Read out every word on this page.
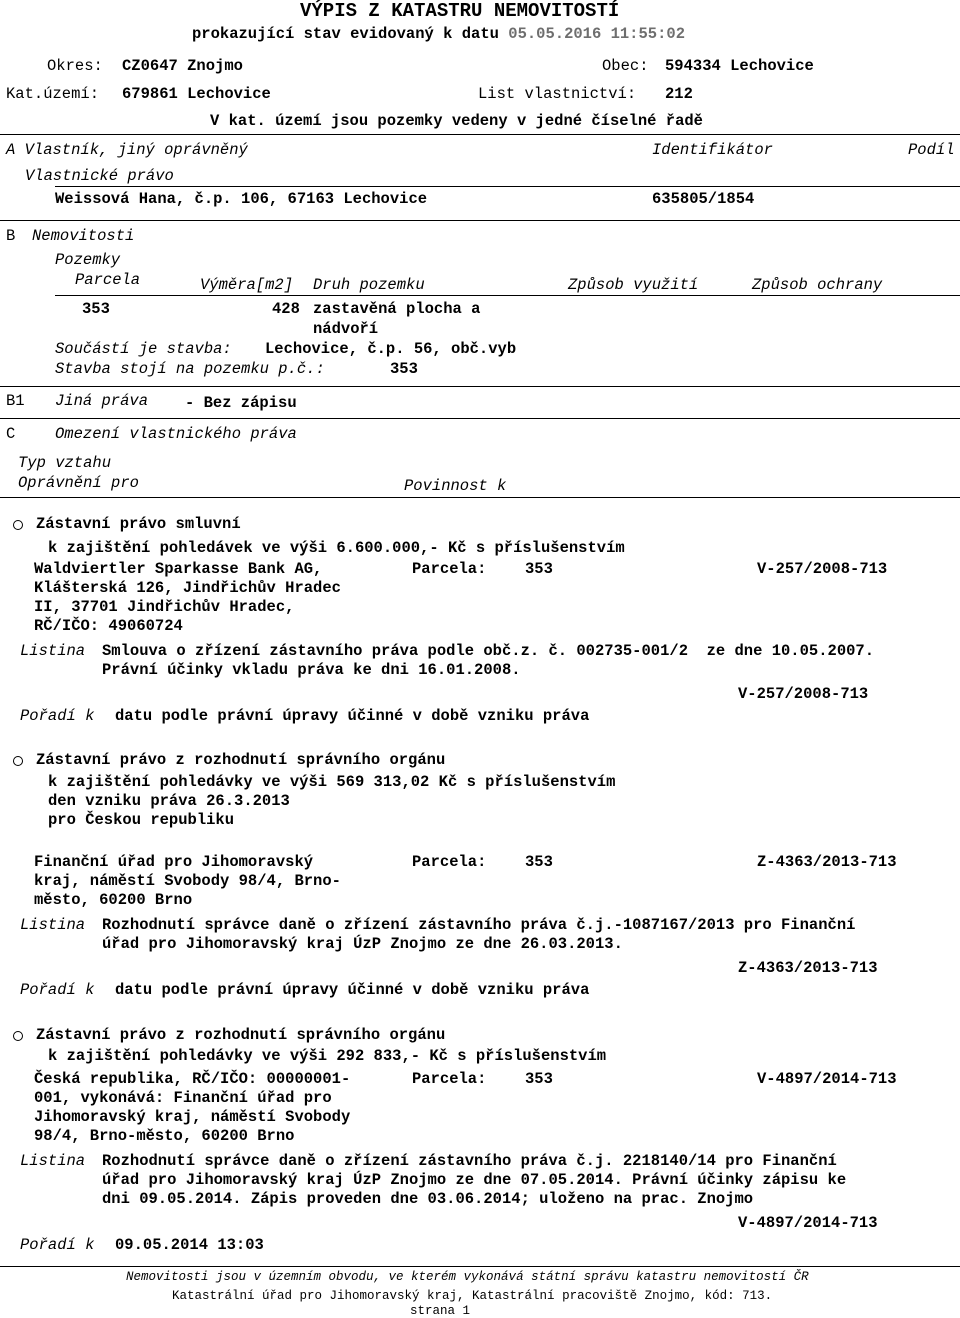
VÝPIS Z KATASTRU NEMOVITOSTÍ
prokazující stav evidovaný k datu 05.05.2016 11:55:02
Okres: CZ0647 Znojmo	Obec: 594334 Lechovice
Kat.území: 679861 Lechovice	List vlastnictví: 212
V kat. území jsou pozemky vedeny v jedné číselné řadě
A Vlastník, jiný oprávněný	Identifikátor	Podíl
Vlastnické právo
Weissová Hana, č.p. 106, 67163 Lechovice	635805/1854
B Nemovitosti
Pozemky
Parcela	Výměra[m2] Druh pozemku	Způsob využití	Způsob ochrany
353	428 zastavěná plocha a
nádvoří
Součástí je stavba: Lechovice, č.p. 56, obč.vyb
Stavba stojí na pozemku p.č.:	353
B1 Jiná práva - Bez zápisu
C	Omezení vlastnického práva
Typ vztahu
Oprávnění pro	Povinnost k
Zástavní právo smluvní
k zajištění pohledávek ve výši 6.600.000,- Kč s příslušenstvím
Waldviertler Sparkasse Bank AG,
Klášterská 126, Jindřichův Hradec
II, 37701 Jindřichův Hradec,
RČ/IČO: 49060724
Parcela: 353	V-257/2008-713
Listina Smlouva o zřízení zástavního práva podle obč.z. č. 002735-001/2  ze dne 10.05.2007.
Právní účinky vkladu práva ke dni 16.01.2008.
V-257/2008-713
Pořadí k datu podle právní úpravy účinné v době vzniku práva
Zástavní právo z rozhodnutí správního orgánu
k zajištění pohledávky ve výši 569 313,02 Kč s příslušenstvím
den vzniku práva 26.3.2013
pro Českou republiku
Finanční úřad pro Jihomoravský
kraj, náměstí Svobody 98/4, Brno-
město, 60200 Brno
Parcela: 353	Z-4363/2013-713
Listina Rozhodnutí správce daně o zřízení zástavního práva č.j.-1087167/2013 pro Finanční
úřad pro Jihomoravský kraj ÚzP Znojmo ze dne 26.03.2013.
Z-4363/2013-713
Pořadí k datu podle právní úpravy účinné v době vzniku práva
Zástavní právo z rozhodnutí správního orgánu
k zajištění pohledávky ve výši 292 833,- Kč s příslušenstvím
Česká republika, RČ/IČO: 00000001-
001, vykonává: Finanční úřad pro
Jihomoravský kraj, náměstí Svobody
98/4, Brno-město, 60200 Brno
Parcela: 353	V-4897/2014-713
Listina Rozhodnutí správce daně o zřízení zástavního práva č.j. 2218140/14 pro Finanční
úřad pro Jihomoravský kraj ÚzP Znojmo ze dne 07.05.2014. Právní účinky zápisu ke
dni 09.05.2014. Zápis proveden dne 03.06.2014; uloženo na prac. Znojmo
V-4897/2014-713
Pořadí k 09.05.2014 13:03
Nemovitosti jsou v územním obvodu, ve kterém vykonává státní správu katastru nemovitostí ČR
Katastrální úřad pro Jihomoravský kraj, Katastrální pracoviště Znojmo, kód: 713.
strana 1
